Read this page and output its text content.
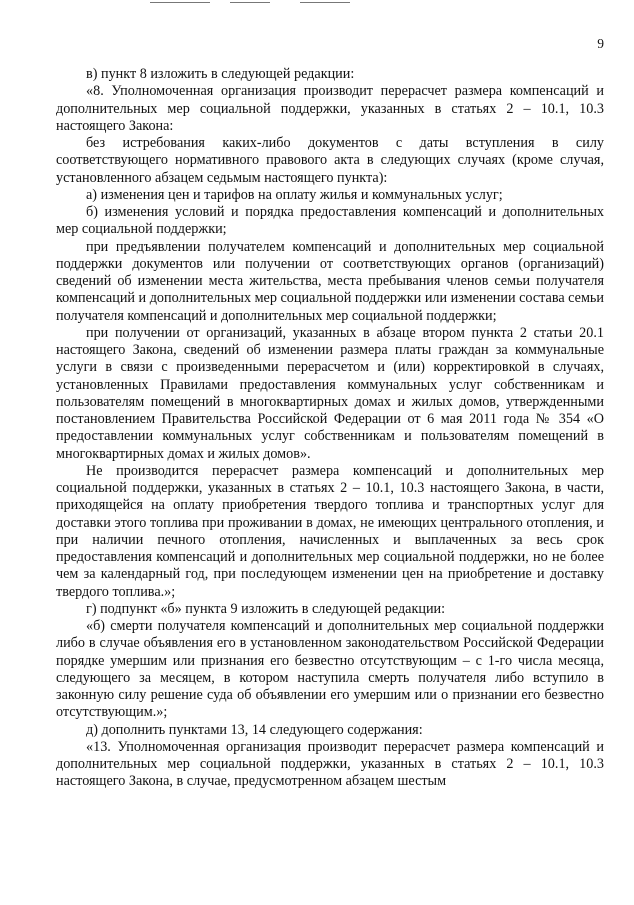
9

в) пункт 8 изложить в следующей редакции:

«8. Уполномоченная организация производит перерасчет размера компенсаций и дополнительных мер социальной поддержки, указанных в статьях 2 – 10.1, 10.3 настоящего Закона:

без истребования каких-либо документов с даты вступления в силу соответствующего нормативного правового акта в следующих случаях (кроме случая, установленного абзацем седьмым настоящего пункта):

а) изменения цен и тарифов на оплату жилья и коммунальных услуг;

б) изменения условий и порядка предоставления компенсаций и дополнительных мер социальной поддержки;

при предъявлении получателем компенсаций и дополнительных мер социальной поддержки документов или получении от соответствующих органов (организаций) сведений об изменении места жительства, места пребывания членов семьи получателя компенсаций и дополнительных мер социальной поддержки или изменении состава семьи получателя компенсаций и дополнительных мер социальной поддержки;

при получении от организаций, указанных в абзаце втором пункта 2 статьи 20.1 настоящего Закона, сведений об изменении размера платы граждан за коммунальные услуги в связи с произведенными перерасчетом и (или) корректировкой в случаях, установленных Правилами предоставления коммунальных услуг собственникам и пользователям помещений в многоквартирных домах и жилых домов, утвержденными постановлением Правительства Российской Федерации от 6 мая 2011 года № 354 «О предоставлении коммунальных услуг собственникам и пользователям помещений в многоквартирных домах и жилых домов».

Не производится перерасчет размера компенсаций и дополнительных мер социальной поддержки, указанных в статьях 2 – 10.1, 10.3 настоящего Закона, в части, приходящейся на оплату приобретения твердого топлива и транспортных услуг для доставки этого топлива при проживании в домах, не имеющих центрального отопления, и при наличии печного отопления, начисленных и выплаченных за весь срок предоставления компенсаций и дополнительных мер социальной поддержки, но не более чем за календарный год, при последующем изменении цен на приобретение и доставку твердого топлива.»;

г) подпункт «б» пункта 9 изложить в следующей редакции:

«б) смерти получателя компенсаций и дополнительных мер социальной поддержки либо в случае объявления его в установленном законодательством Российской Федерации порядке умершим или признания его безвестно отсутствующим – с 1-го числа месяца, следующего за месяцем, в котором наступила смерть получателя либо вступило в законную силу решение суда об объявлении его умершим или о признании его безвестно отсутствующим.»;

д) дополнить пунктами 13, 14 следующего содержания:

«13. Уполномоченная организация производит перерасчет размера компенсаций и дополнительных мер социальной поддержки, указанных в статьях 2 – 10.1, 10.3 настоящего Закона, в случае, предусмотренном абзацем шестым
